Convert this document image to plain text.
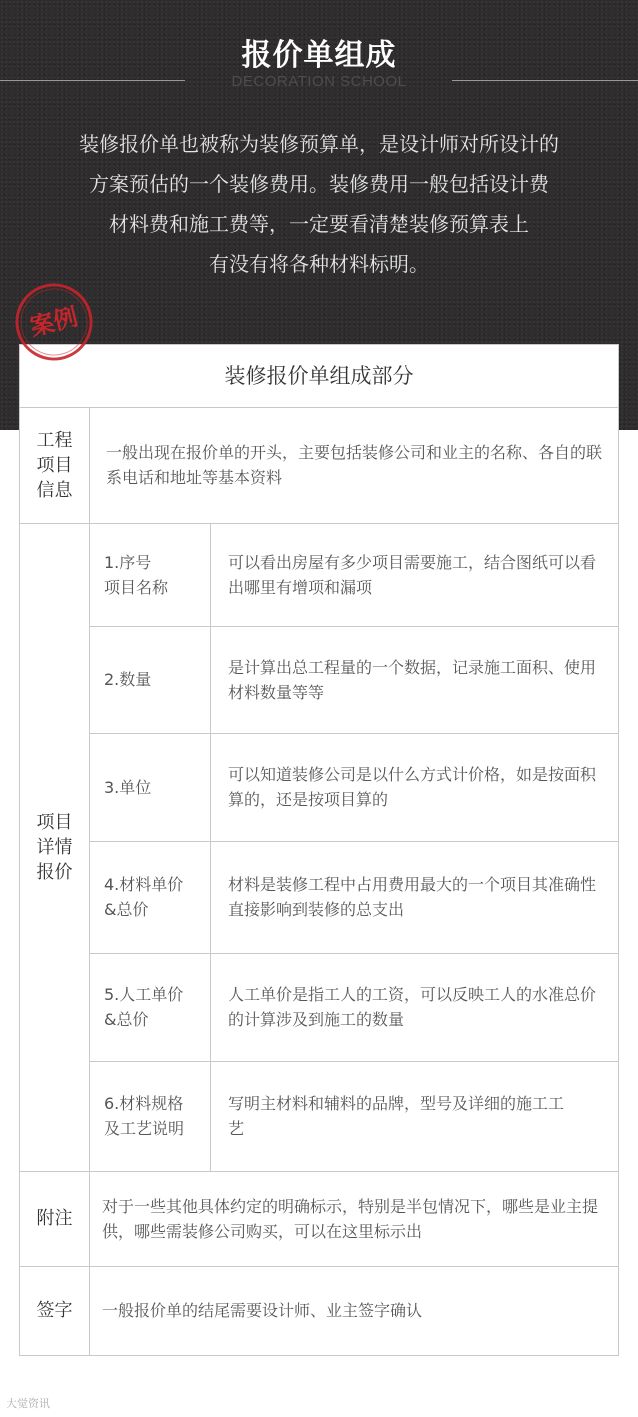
报价单组成
DECORATION SCHOOL
装修报价单也被称为装修预算单，是设计师对所设计的
方案预估的一个装修费用。装修费用一般包括设计费
材料费和施工费等，一定要看清楚装修预算表上
有没有将各种材料标明。
案例
装修报价单组成部分
工程项目信息
一般出现在报价单的开头，主要包括装修公司和业主的名称、各自的联系电话和地址等基本资料
项目详情报价
1.序号
项目名称
可以看出房屋有多少项目需要施工，结合图纸可以看出哪里有增项和漏项
2.数量
是计算出总工程量的一个数据，记录施工面积、使用材料数量等等
3.单位
可以知道装修公司是以什么方式计价格，如是按面积算的，还是按项目算的
4.材料单价
&总价
材料是装修工程中占用费用最大的一个项目其准确性直接影响到装修的总支出
5.人工单价
&总价
人工单价是指工人的工资，可以反映工人的水准总价的计算涉及到施工的数量
6.材料规格
及工艺说明
写明主材料和辅料的品牌，型号及详细的施工工艺
附注
对于一些其他具体约定的明确标示，特别是半包情况下，哪些是业主提供，哪些需装修公司购买，可以在这里标示出
签字	一般报价单的结尾需要设计师、业主签字确认
大觉资讯
